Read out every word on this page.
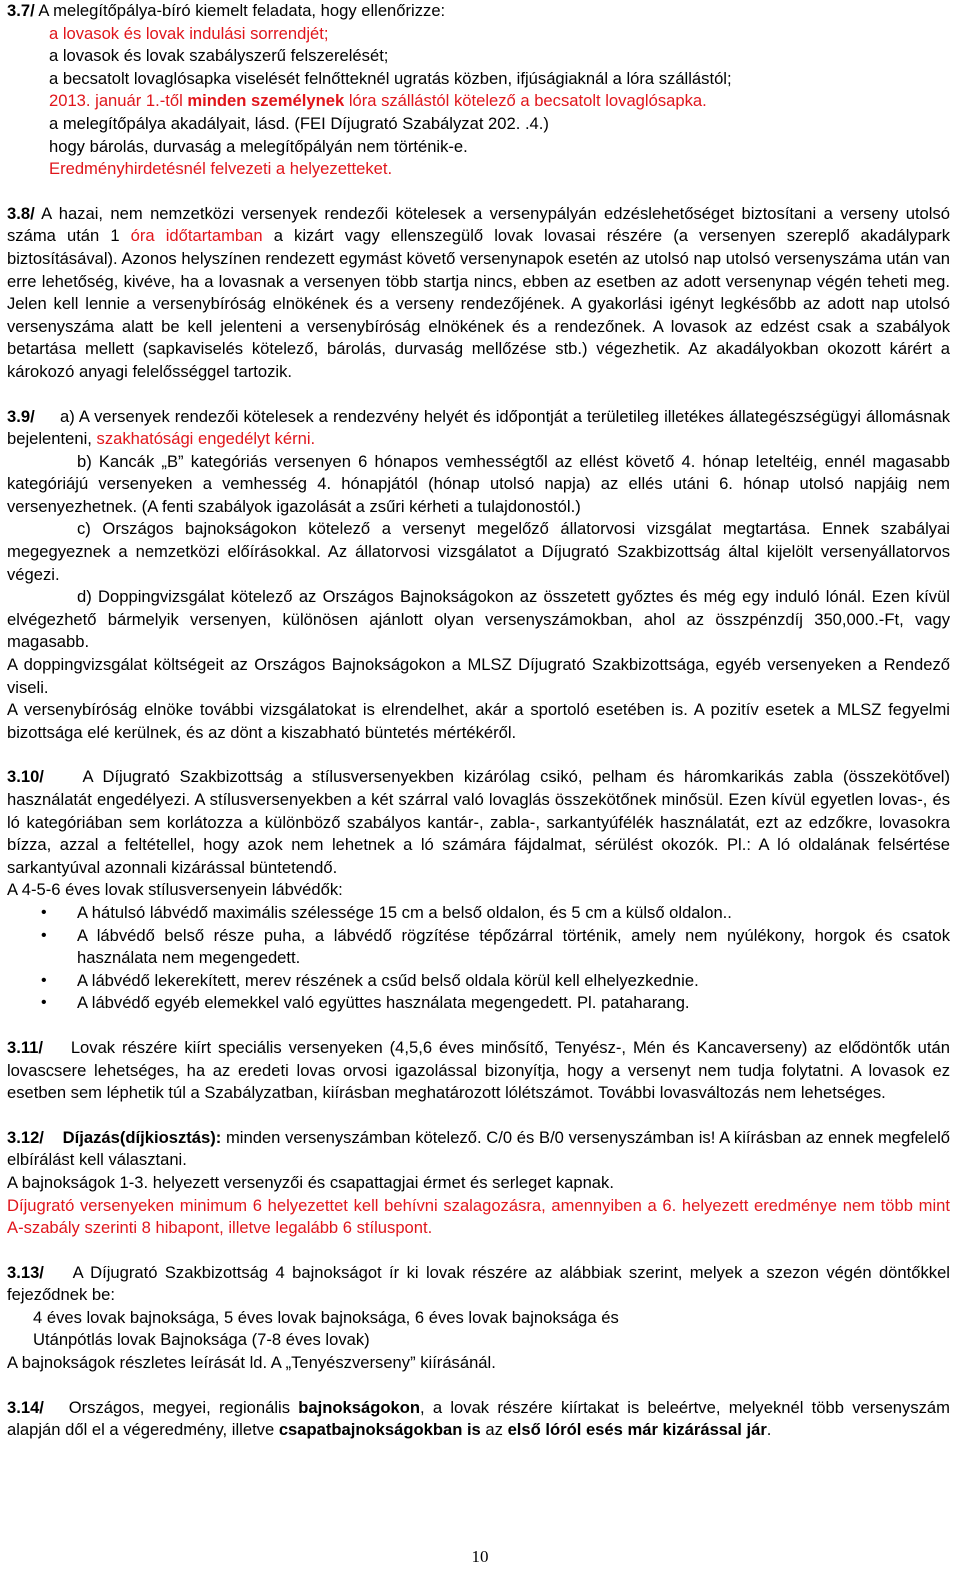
3.7/ A melegítőpálya-bíró kiemelt feladata, hogy ellenőrizze:

a lovasok és lovak indulási sorrendjét;

a lovasok és lovak szabályszerű felszerelését;

a becsatolt lovaglósapka viselését felnőtteknél ugratás közben, ifjúságiaknál a lóra szállástól;

2013. január 1.-től minden személynek lóra szállástól kötelező a becsatolt lovaglósapka.

a melegítőpálya akadályait, lásd. (FEI Díjugrató Szabályzat 202. .4.)

hogy bárolás, durvaság a melegítőpályán nem történik-e.

Eredményhirdetésnél felvezeti a helyezetteket.

3.8/ A hazai, nem nemzetközi versenyek rendezői kötelesek a versenypályán edzéslehetőséget biztosítani a verseny utolsó száma után 1 óra időtartamban a kizárt vagy ellenszegülő lovak lovasai részére (a versenyen szereplő akadálypark biztosításával). Azonos helyszínen rendezett egymást követő versenynapok esetén az utolsó nap utolsó versenyszáma után van erre lehetőség, kivéve, ha a lovasnak a versenyen több startja nincs, ebben az esetben az adott versenynap végén teheti meg. Jelen kell lennie a versenybíróság elnökének és a verseny rendezőjének. A gyakorlási igényt legkésőbb az adott nap utolsó versenyszáma alatt be kell jelenteni a versenybíróság elnökének és a rendezőnek. A lovasok az edzést csak a szabályok betartása mellett (sapkaviselés kötelező, bárolás, durvaság mellőzése stb.) végezhetik. Az akadályokban okozott kárért a károkozó anyagi felelősséggel tartozik.

3.9/ a) A versenyek rendezői kötelesek a rendezvény helyét és időpontját a területileg illetékes állategészségügyi állomásnak bejelenteni, szakhatósági engedélyt kérni.

b) Kancák „B” kategóriás versenyen 6 hónapos vemhességtől az ellést követő 4. hónap leteltéig, ennél magasabb kategóriájú versenyeken a vemhesség 4. hónapjától (hónap utolsó napja) az ellés utáni 6. hónap utolsó napjáig nem versenyezhetnek. (A fenti szabályok igazolását a zsűri kérheti a tulajdonostól.)

c) Országos bajnokságokon kötelező a versenyt megelőző állatorvosi vizsgálat megtartása. Ennek szabályai megegyeznek a nemzetközi előírásokkal. Az állatorvosi vizsgálatot a Díjugrató Szakbizottság által kijelölt versenyállatorvos végezi.

d) Doppingvizsgálat kötelező az Országos Bajnokságokon az összetett győztes és még egy induló lónál. Ezen kívül elvégezhető bármelyik versenyen, különösen ajánlott olyan versenyszámokban, ahol az összpénzdíj 350,000.-Ft, vagy magasabb.

A doppingvizsgálat költségeit az Országos Bajnokságokon a MLSZ Díjugrató Szakbizottsága, egyéb versenyeken a Rendező viseli.

A versenybíróság elnöke további vizsgálatokat is elrendelhet, akár a sportoló esetében is. A pozitív esetek a MLSZ fegyelmi bizottsága elé kerülnek, és az dönt a kiszabható büntetés mértékéről.

3.10/ A Díjugrató Szakbizottság a stílusversenyekben kizárólag csikó, pelham és háromkarikás zabla (összekötővel) használatát engedélyezi. A stílusversenyekben a két szárral való lovaglás összekötőnek minősül. Ezen kívül egyetlen lovas-, és ló kategóriában sem korlátozza a különböző szabályos kantár-, zabla-, sarkantyúfélék használatát, ezt az edzőkre, lovasokra bízza, azzal a feltétellel, hogy azok nem lehetnek a ló számára fájdalmat, sérülést okozók. Pl.: A ló oldalának felsértése sarkantyúval azonnali kizárással büntetendő.

A 4-5-6 éves lovak stílusversenyein lábvédők:

• A hátulsó lábvédő maximális szélessége 15 cm a belső oldalon, és 5 cm a külső oldalon..
• A lábvédő belső része puha, a lábvédő rögzítése tépőzárral történik, amely nem nyúlékony, horgok és csatok használata nem megengedett.
• A lábvédő lekerekített, merev részének a csűd belső oldala körül kell elhelyezkednie.
• A lábvédő egyéb elemekkel való együttes használata megengedett. Pl. pataharang.

3.11/ Lovak részére kiírt speciális versenyeken (4,5,6 éves minősítő, Tenyész-, Mén és Kancaverseny) az elődöntők után lovascsere lehetséges, ha az eredeti lovas orvosi igazolással bizonyítja, hogy a versenyt nem tudja folytatni. A lovasok ez esetben sem léphetik túl a Szabályzatban, kiírásban meghatározott lólétszámot. További lovasváltozás nem lehetséges.

3.12/ Díjazás(díjkiosztás): minden versenyszámban kötelező. C/0 és B/0 versenyszámban is! A kiírásban az ennek megfelelő elbírálást kell választani.

A bajnokságok 1-3. helyezett versenyzői és csapattagjai érmet és serleget kapnak.

Díjugrató versenyeken minimum 6 helyezettet kell behívni szalagozásra, amennyiben a 6. helyezett eredménye nem több mint A-szabály szerinti 8 hibapont, illetve legalább 6 stíluspont.

3.13/ A Díjugrató Szakbizottság 4 bajnokságot ír ki lovak részére az alábbiak szerint, melyek a szezon végén döntőkkel fejeződnek be:

4 éves lovak bajnoksága, 5 éves lovak bajnoksága, 6 éves lovak bajnoksága és

Utánpótlás lovak Bajnoksága (7-8 éves lovak)

A bajnokságok részletes leírását ld. A „Tenyészverseny” kiírásánál.

3.14/ Országos, megyei, regionális bajnokságokon, a lovak részére kiírtakat is beleértve, melyeknél több versenyszám alapján dől el a végeredmény, illetve csapatbajnokságokban is az első lóról esés már kizárással jár.

10
